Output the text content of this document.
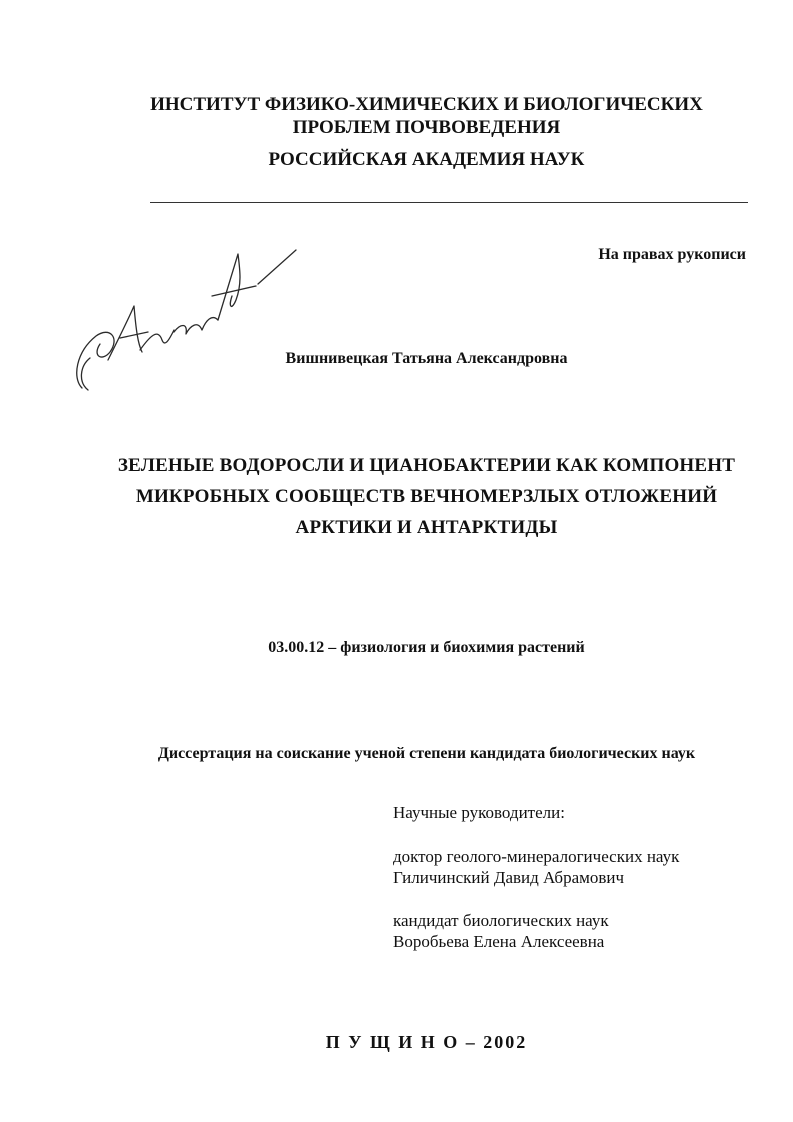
ИНСТИТУТ ФИЗИКО-ХИМИЧЕСКИХ И БИОЛОГИЧЕСКИХ
ПРОБЛЕМ ПОЧВОВЕДЕНИЯ
РОССИЙСКАЯ АКАДЕМИЯ НАУК
На правах рукописи
Вишнивецкая Татьяна Александровна
ЗЕЛЕНЫЕ ВОДОРОСЛИ И ЦИАНОБАКТЕРИИ КАК КОМПОНЕНТ
МИКРОБНЫХ СООБЩЕСТВ ВЕЧНОМЕРЗЛЫХ ОТЛОЖЕНИЙ
АРКТИКИ И АНТАРКТИДЫ
03.00.12 – физиология и биохимия растений
Диссертация на соискание ученой степени кандидата биологических наук
Научные руководители:
доктор геолого-минералогических наук
Гиличинский Давид Абрамович
кандидат биологических наук
Воробьева Елена Алексеевна
П У Щ И Н О – 2002
